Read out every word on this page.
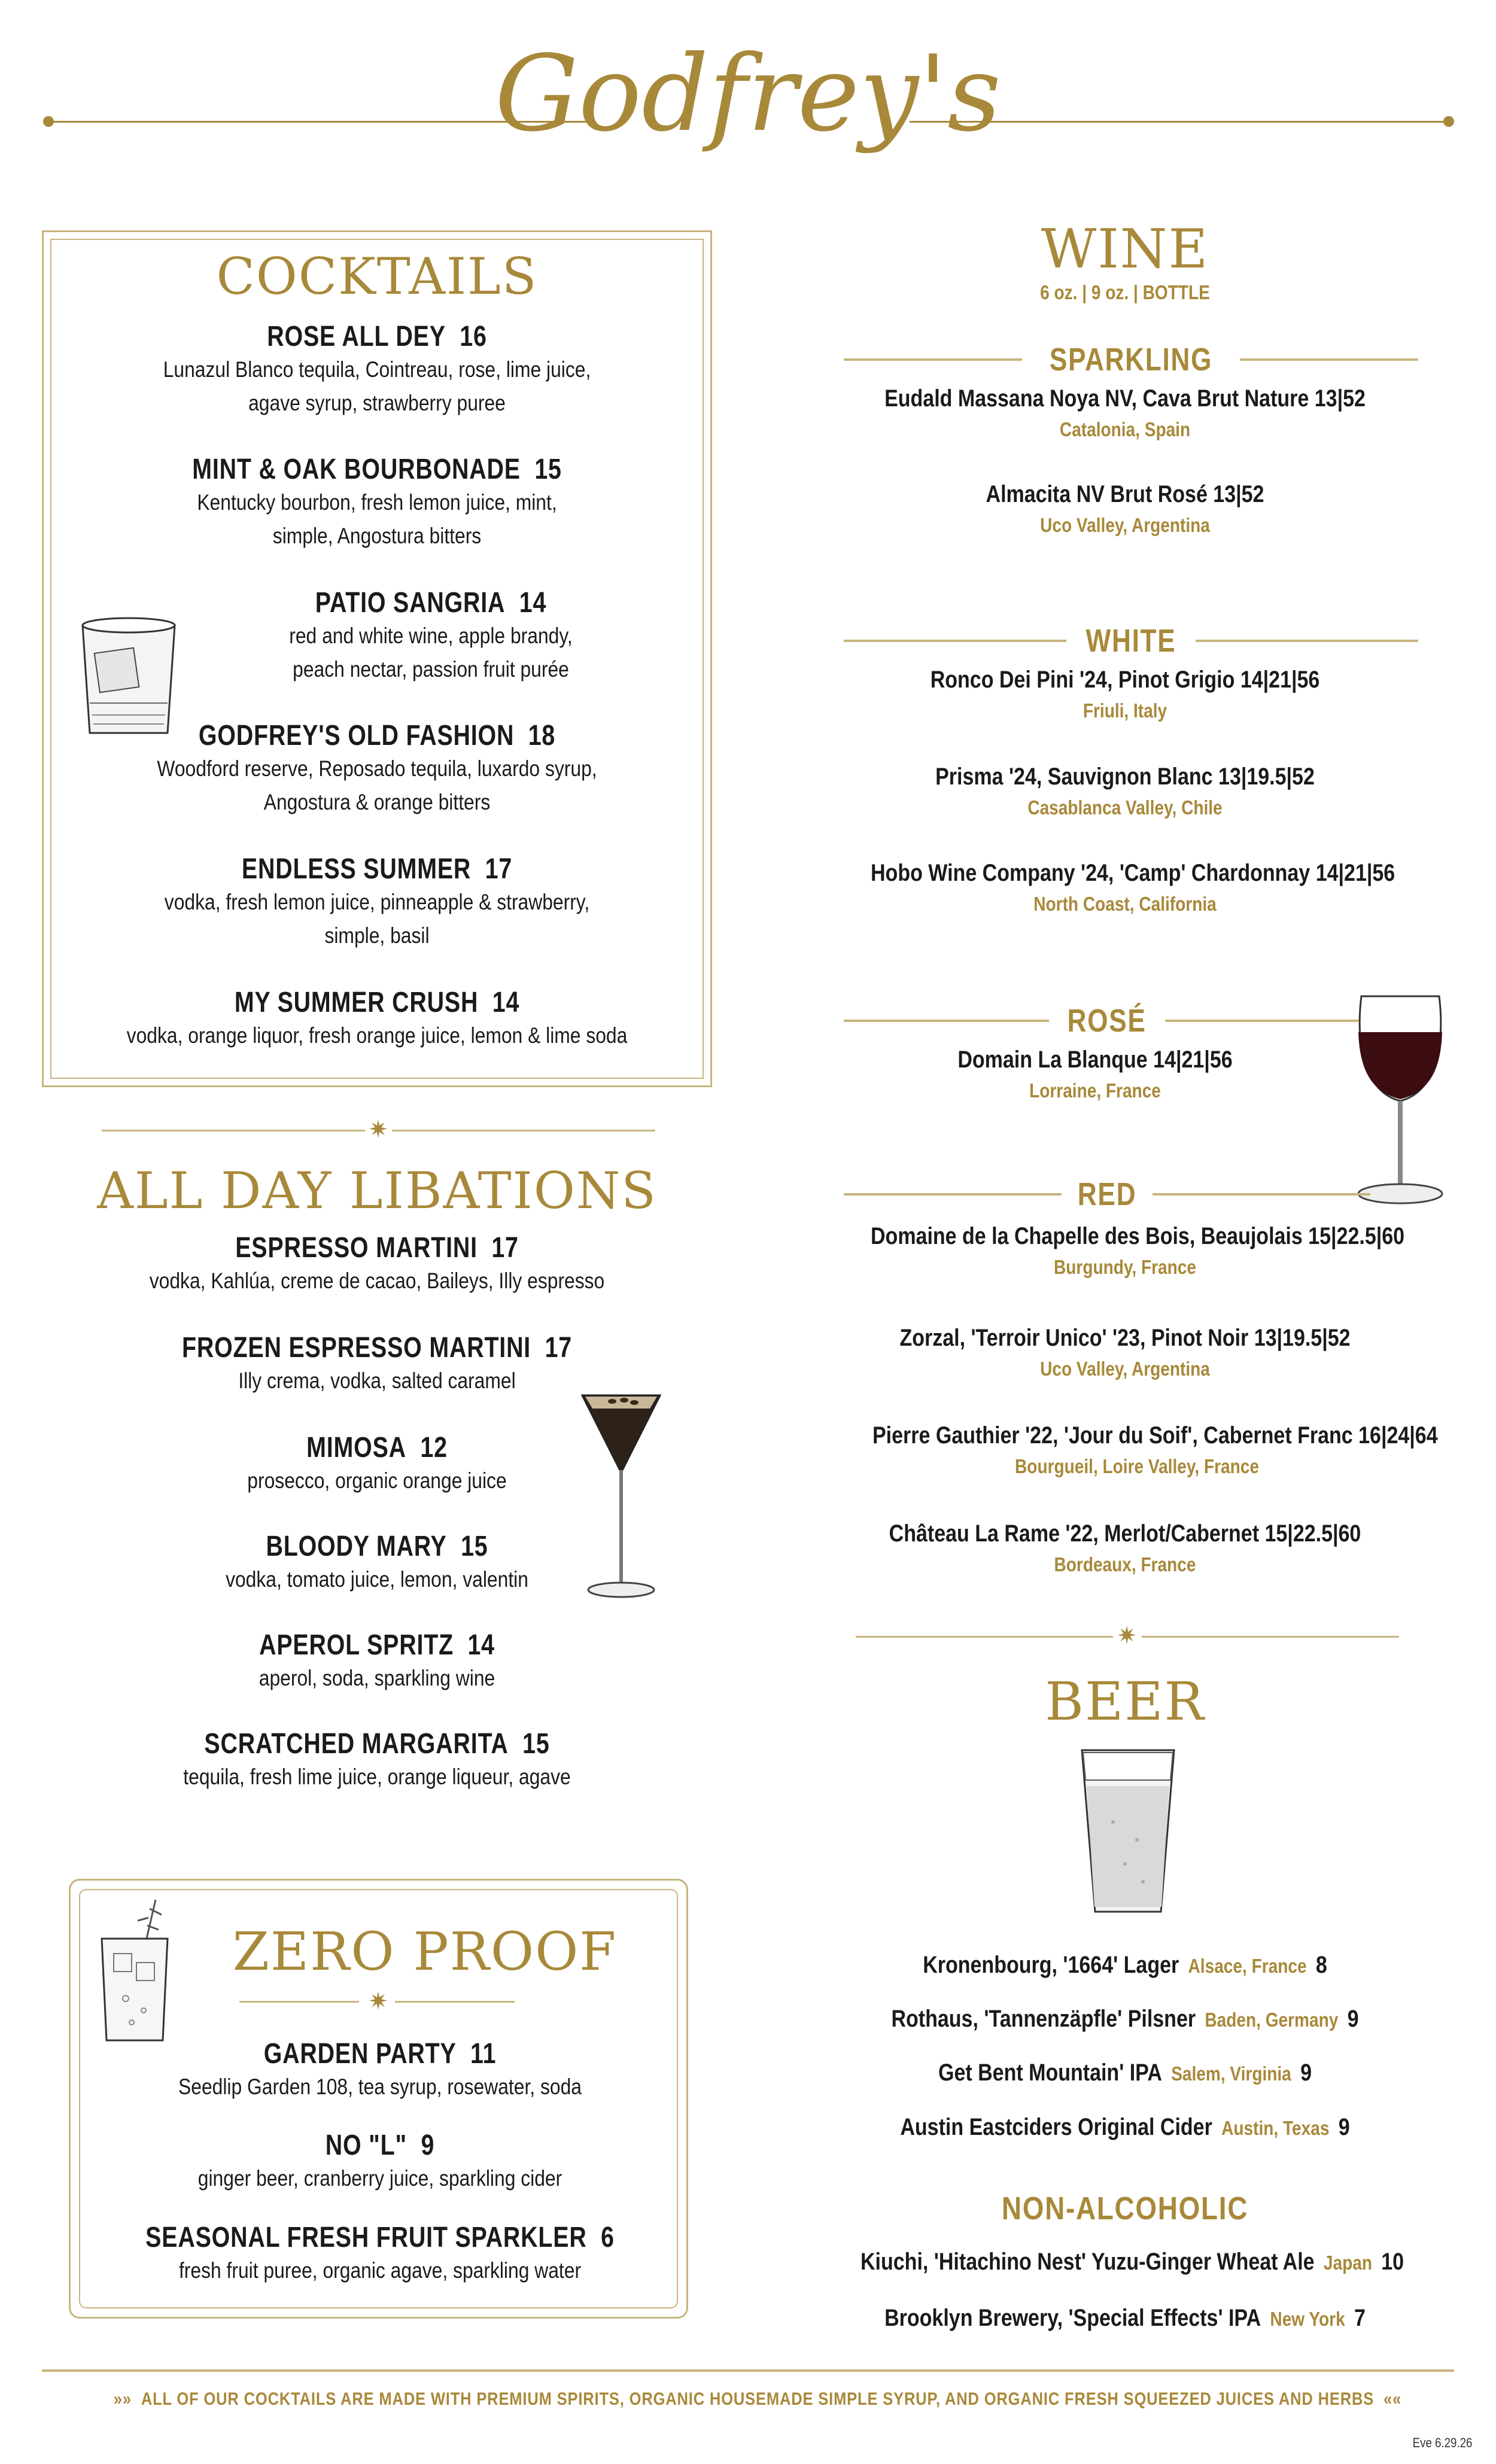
Godfrey's
COCKTAILS
ROSE ALL DEY 16
Lunazul Blanco tequila, Cointreau, rose, lime juice,
agave syrup, strawberry puree
MINT & OAK BOURBONADE 15
Kentucky bourbon, fresh lemon juice, mint,
simple, Angostura bitters
PATIO SANGRIA 14
red and white wine, apple brandy,
peach nectar, passion fruit purée
GODFREY'S OLD FASHION 18
Woodford reserve, Reposado tequila, luxardo syrup,
Angostura & orange bitters
ENDLESS SUMMER 17
vodka, fresh lemon juice, pinneapple & strawberry,
simple, basil
MY SUMMER CRUSH 14
vodka, orange liquor, fresh orange juice, lemon & lime soda
✷
ALL DAY LIBATIONS
ESPRESSO MARTINI 17
vodka, Kahlúa, creme de cacao, Baileys, Illy espresso
FROZEN ESPRESSO MARTINI 17
Illy crema, vodka, salted caramel
MIMOSA 12
prosecco, organic orange juice
BLOODY MARY 15
vodka, tomato juice, lemon, valentin
APEROL SPRITZ 14
aperol, soda, sparkling wine
SCRATCHED MARGARITA 15
tequila, fresh lime juice, orange liqueur, agave
ZERO PROOF
✷
GARDEN PARTY 11
Seedlip Garden 108, tea syrup, rosewater, soda
NO "L" 9
ginger beer, cranberry juice, sparkling cider
SEASONAL FRESH FRUIT SPARKLER 6
fresh fruit puree, organic agave, sparkling water
WINE
6 oz. | 9 oz. | BOTTLE
SPARKLING
Eudald Massana Noya NV, Cava Brut Nature 13|52
Catalonia, Spain
Almacita NV Brut Rosé 13|52
Uco Valley, Argentina
WHITE
Ronco Dei Pini '24, Pinot Grigio 14|21|56
Friuli, Italy
Prisma '24, Sauvignon Blanc 13|19.5|52
Casablanca Valley, Chile
Hobo Wine Company '24, 'Camp' Chardonnay 14|21|56
North Coast, California
ROSÉ
Domain La Blanque 14|21|56
Lorraine, France
RED
Domaine de la Chapelle des Bois, Beaujolais 15|22.5|60
Burgundy, France
Zorzal, 'Terroir Unico' '23, Pinot Noir 13|19.5|52
Uco Valley, Argentina
Pierre Gauthier '22, 'Jour du Soif', Cabernet Franc 16|24|64
Bourgueil, Loire Valley, France
Château La Rame '22, Merlot/Cabernet 15|22.5|60
Bordeaux, France
✷
BEER
Kronenbourg, '1664' Lager Alsace, France 8
Rothaus, 'Tannenzäpfle' Pilsner Baden, Germany 9
Get Bent Mountain' IPA Salem, Virginia 9
Austin Eastciders Original Cider Austin, Texas 9
NON-ALCOHOLIC
Kiuchi, 'Hitachino Nest' Yuzu-Ginger Wheat Ale Japan 10
Brooklyn Brewery, 'Special Effects' IPA New York 7
»»  ALL OF OUR COCKTAILS ARE MADE WITH PREMIUM SPIRITS, ORGANIC HOUSEMADE SIMPLE SYRUP, AND ORGANIC FRESH SQUEEZED JUICES AND HERBS  ««
Eve 6.29.26
